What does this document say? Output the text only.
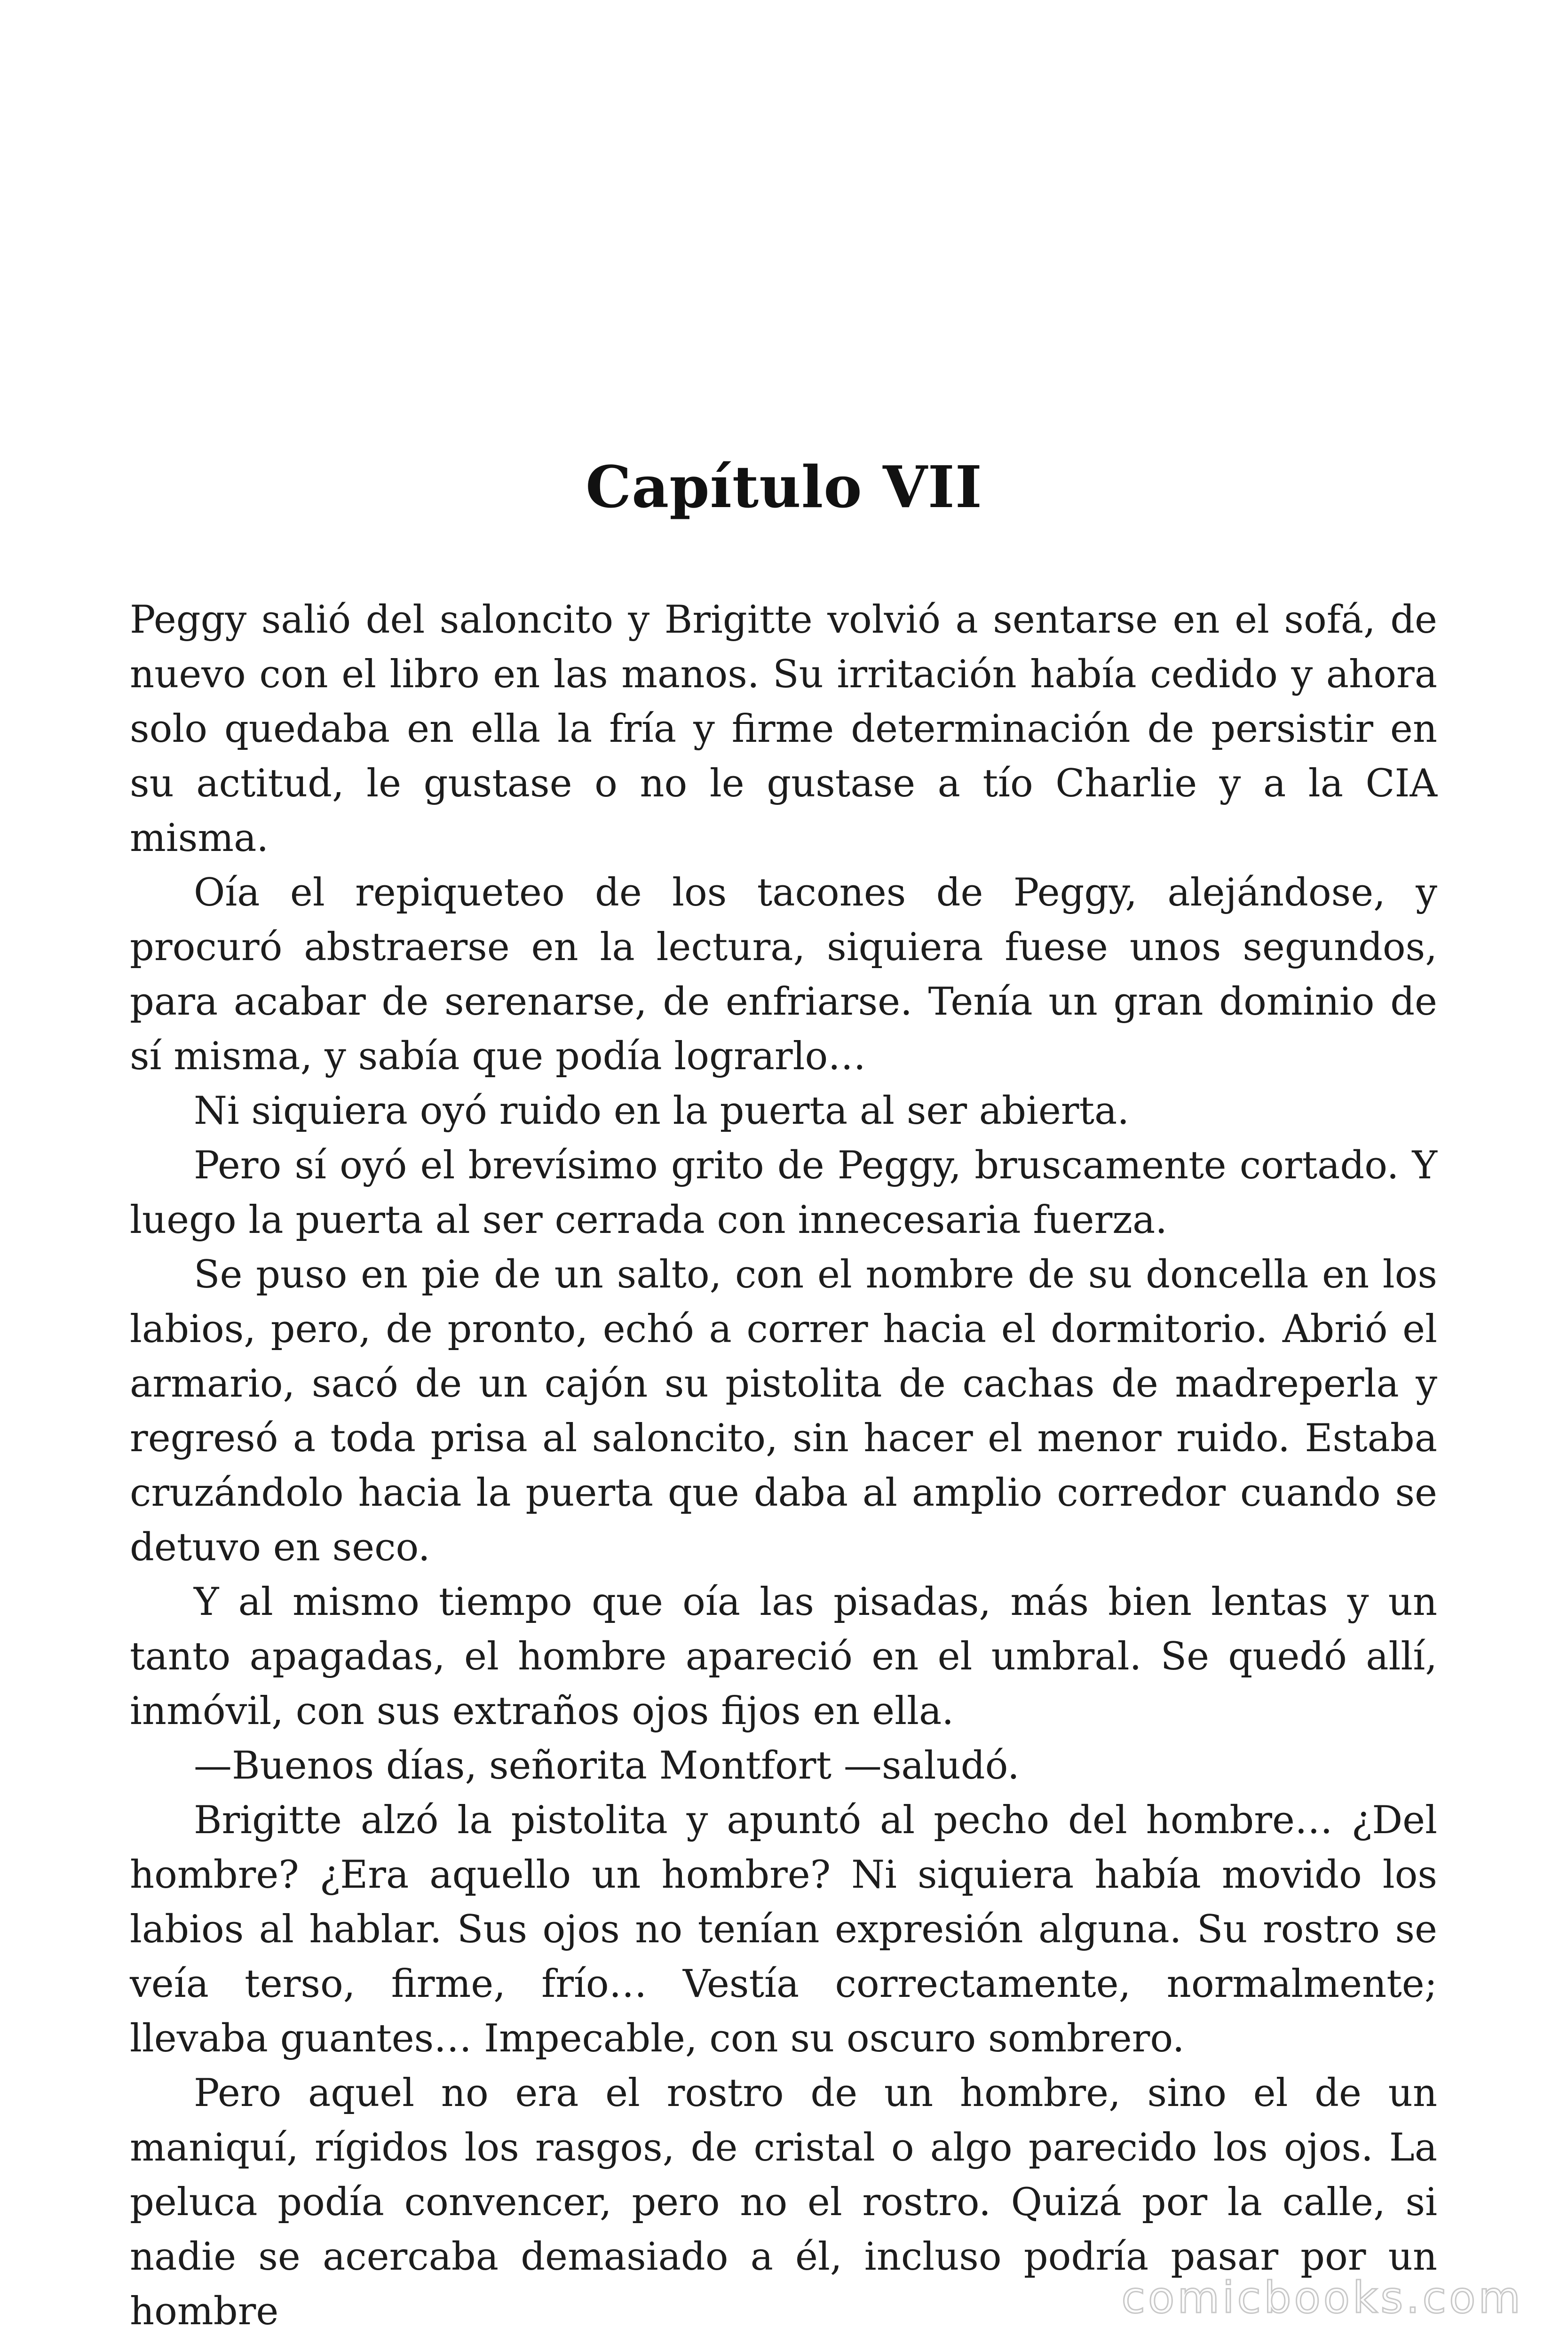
Capítulo VII

Peggy salió del saloncito y Brigitte volvió a sentarse en el sofá, de nuevo con el libro en las manos. Su irritación había cedido y ahora solo quedaba en ella la fría y firme determinación de persistir en su actitud, le gustase o no le gustase a tío Charlie y a la CIA misma.

Oía el repiqueteo de los tacones de Peggy, alejándose, y procuró abstraerse en la lectura, siquiera fuese unos segundos, para acabar de serenarse, de enfriarse. Tenía un gran dominio de sí misma, y sabía que podía lograrlo…

Ni siquiera oyó ruido en la puerta al ser abierta.

Pero sí oyó el brevísimo grito de Peggy, bruscamente cortado. Y luego la puerta al ser cerrada con innecesaria fuerza.

Se puso en pie de un salto, con el nombre de su doncella en los labios, pero, de pronto, echó a correr hacia el dormitorio. Abrió el armario, sacó de un cajón su pistolita de cachas de madreperla y regresó a toda prisa al saloncito, sin hacer el menor ruido. Estaba cruzándolo hacia la puerta que daba al amplio corredor cuando se detuvo en seco.

Y al mismo tiempo que oía las pisadas, más bien lentas y un tanto apagadas, el hombre apareció en el umbral. Se quedó allí, inmóvil, con sus extraños ojos fijos en ella.

—Buenos días, señorita Montfort —saludó.

Brigitte alzó la pistolita y apuntó al pecho del hombre… ¿Del hombre? ¿Era aquello un hombre? Ni siquiera había movido los labios al hablar. Sus ojos no tenían expresión alguna. Su rostro se veía terso, firme, frío… Vestía correctamente, normalmente; llevaba guantes… Impecable, con su oscuro sombrero.

Pero aquel no era el rostro de un hombre, sino el de un maniquí, rígidos los rasgos, de cristal o algo parecido los ojos. La peluca podía convencer, pero no el rostro. Quizá por la calle, si nadie se acercaba demasiado a él, incluso podría pasar por un hombre	comicbooks.com
